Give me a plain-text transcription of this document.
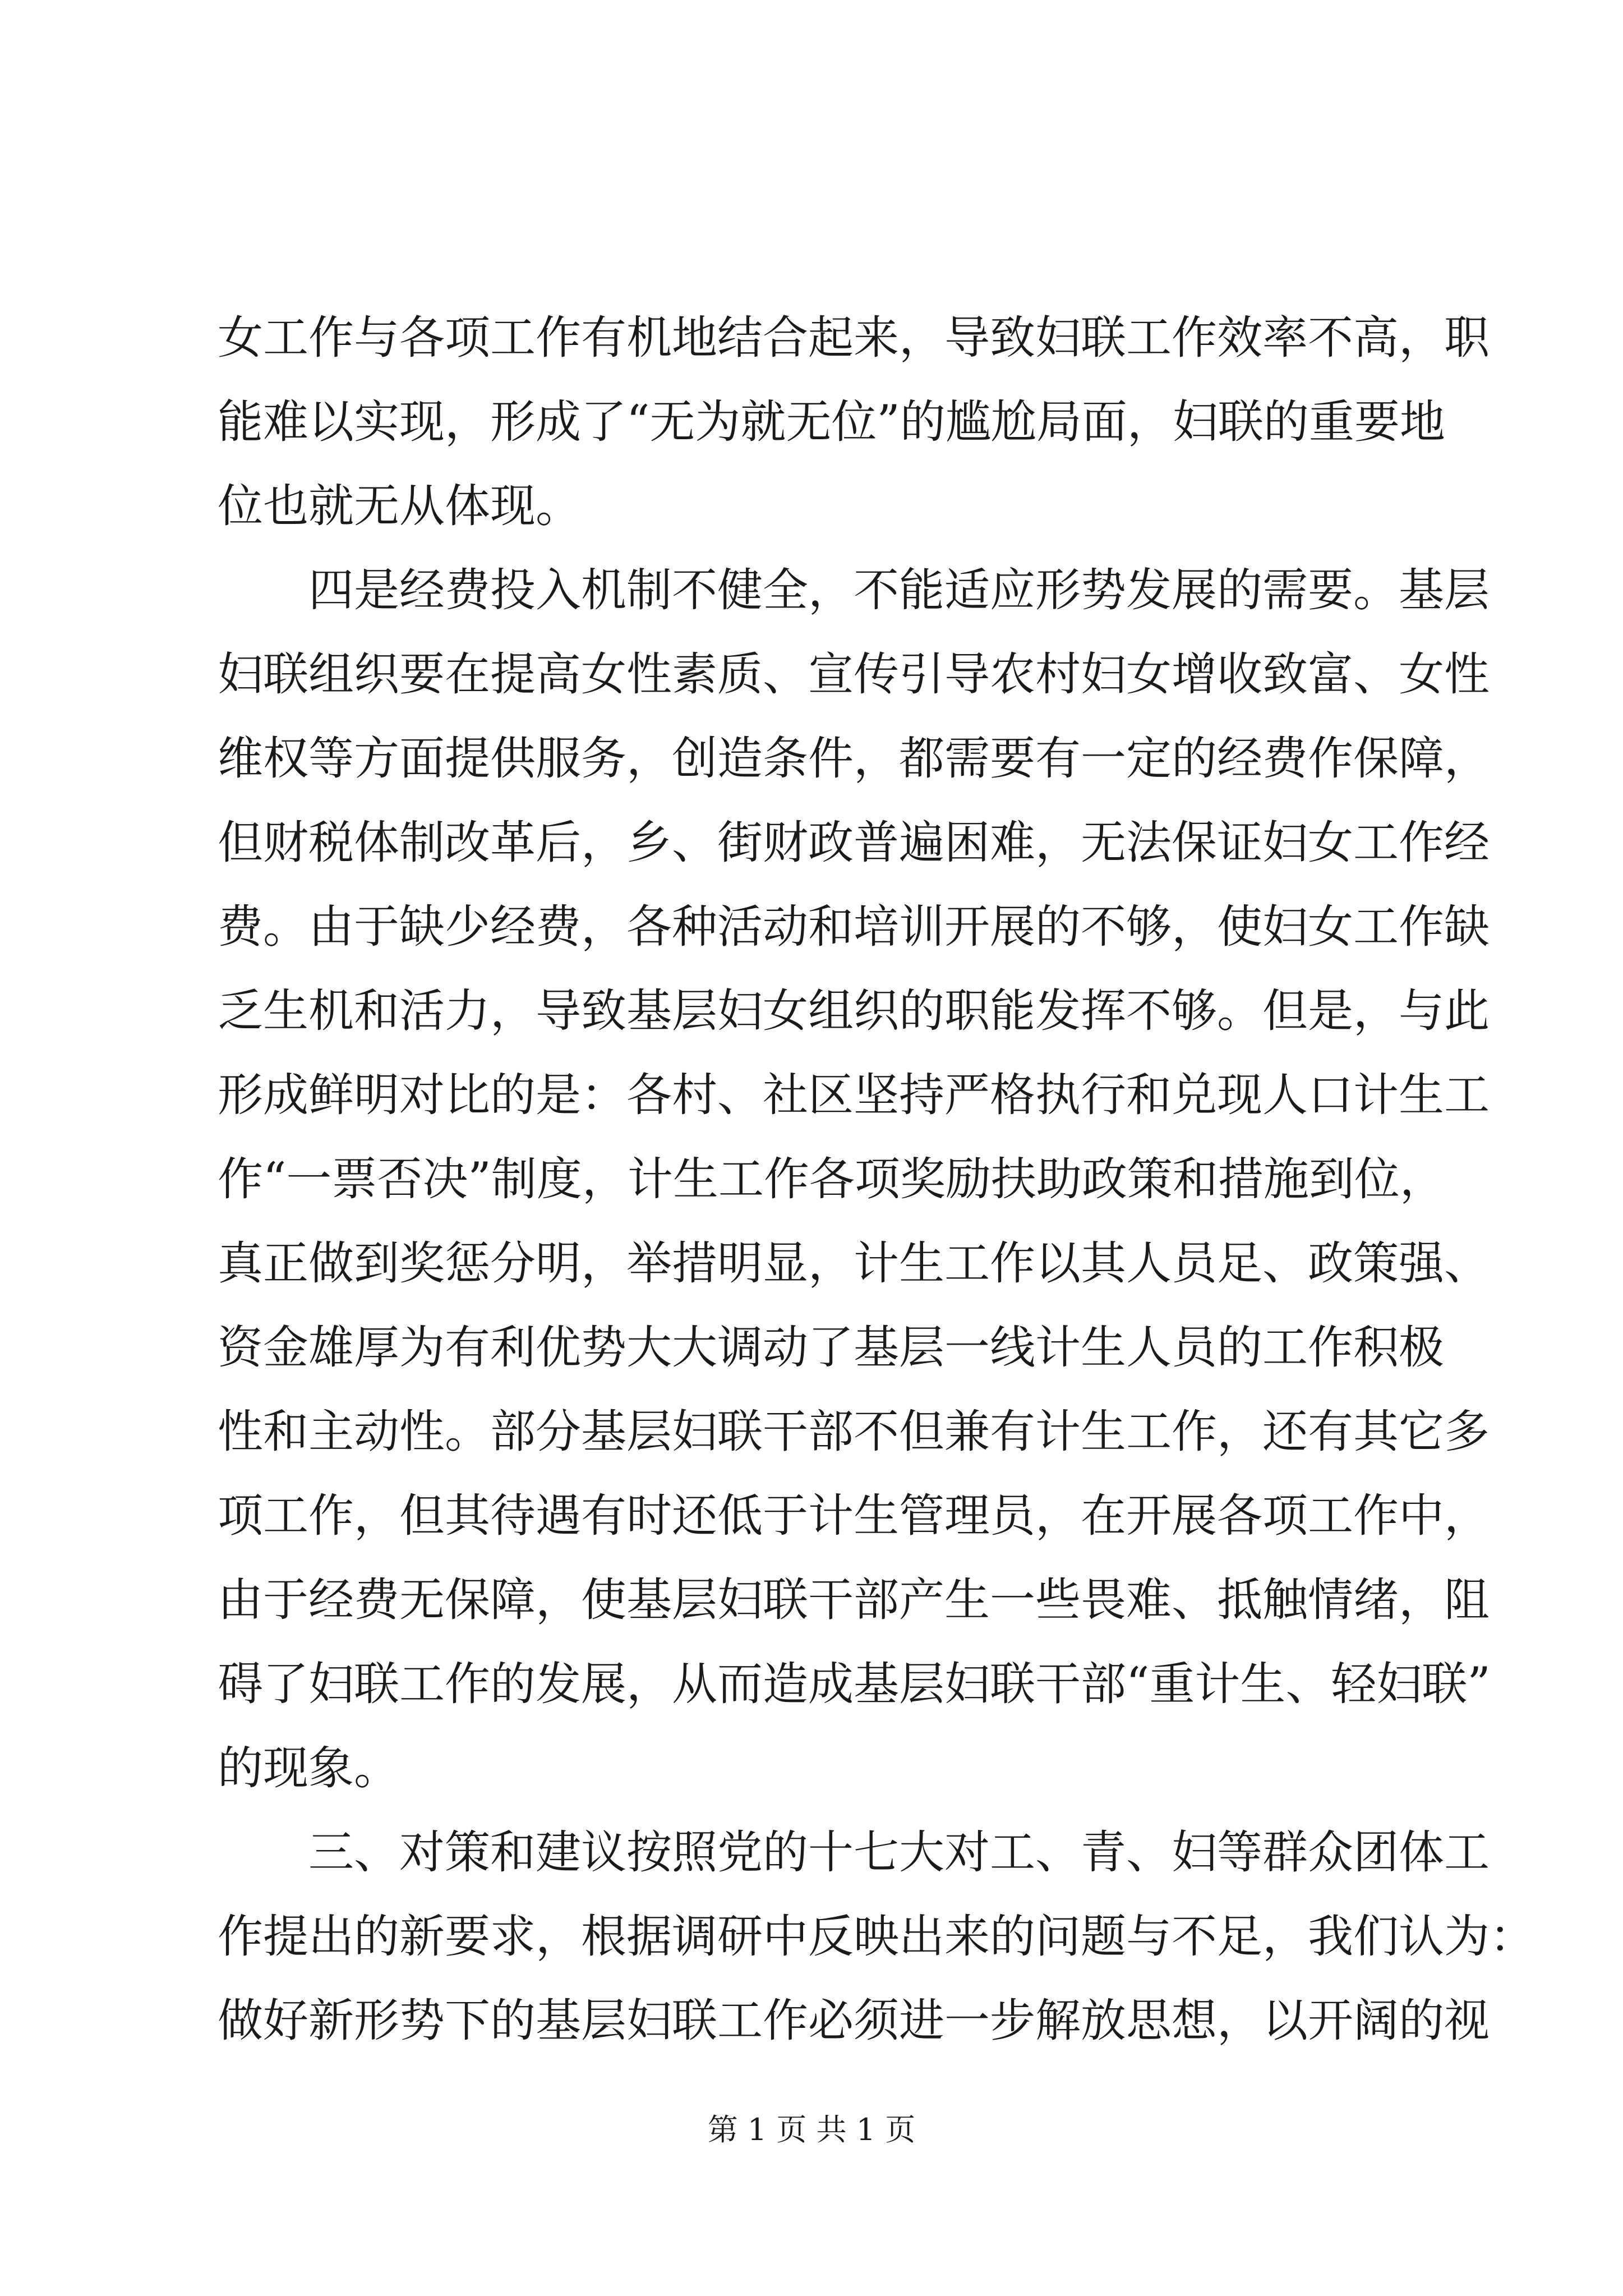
女工作与各项工作有机地结合起来，导致妇联工作效率不高，职
能难以实现，形成了“无为就无位”的尴尬局面，妇联的重要地
位也就无从体现。
四是经费投入机制不健全，不能适应形势发展的需要。基层
妇联组织要在提高女性素质、宣传引导农村妇女增收致富、女性
维权等方面提供服务，创造条件，都需要有一定的经费作保障，
但财税体制改革后，乡、街财政普遍困难，无法保证妇女工作经
费。由于缺少经费，各种活动和培训开展的不够，使妇女工作缺
乏生机和活力，导致基层妇女组织的职能发挥不够。但是，与此
形成鲜明对比的是：各村、社区坚持严格执行和兑现人口计生工
作“一票否决”制度，计生工作各项奖励扶助政策和措施到位，
真正做到奖惩分明，举措明显，计生工作以其人员足、政策强、
资金雄厚为有利优势大大调动了基层一线计生人员的工作积极
性和主动性。部分基层妇联干部不但兼有计生工作，还有其它多
项工作，但其待遇有时还低于计生管理员，在开展各项工作中，
由于经费无保障，使基层妇联干部产生一些畏难、抵触情绪，阻
碍了妇联工作的发展，从而造成基层妇联干部“重计生、轻妇联”
的现象。
三、对策和建议按照党的十七大对工、青、妇等群众团体工
作提出的新要求，根据调研中反映出来的问题与不足，我们认为：
做好新形势下的基层妇联工作必须进一步解放思想，以开阔的视
第 1 页 共 1 页
